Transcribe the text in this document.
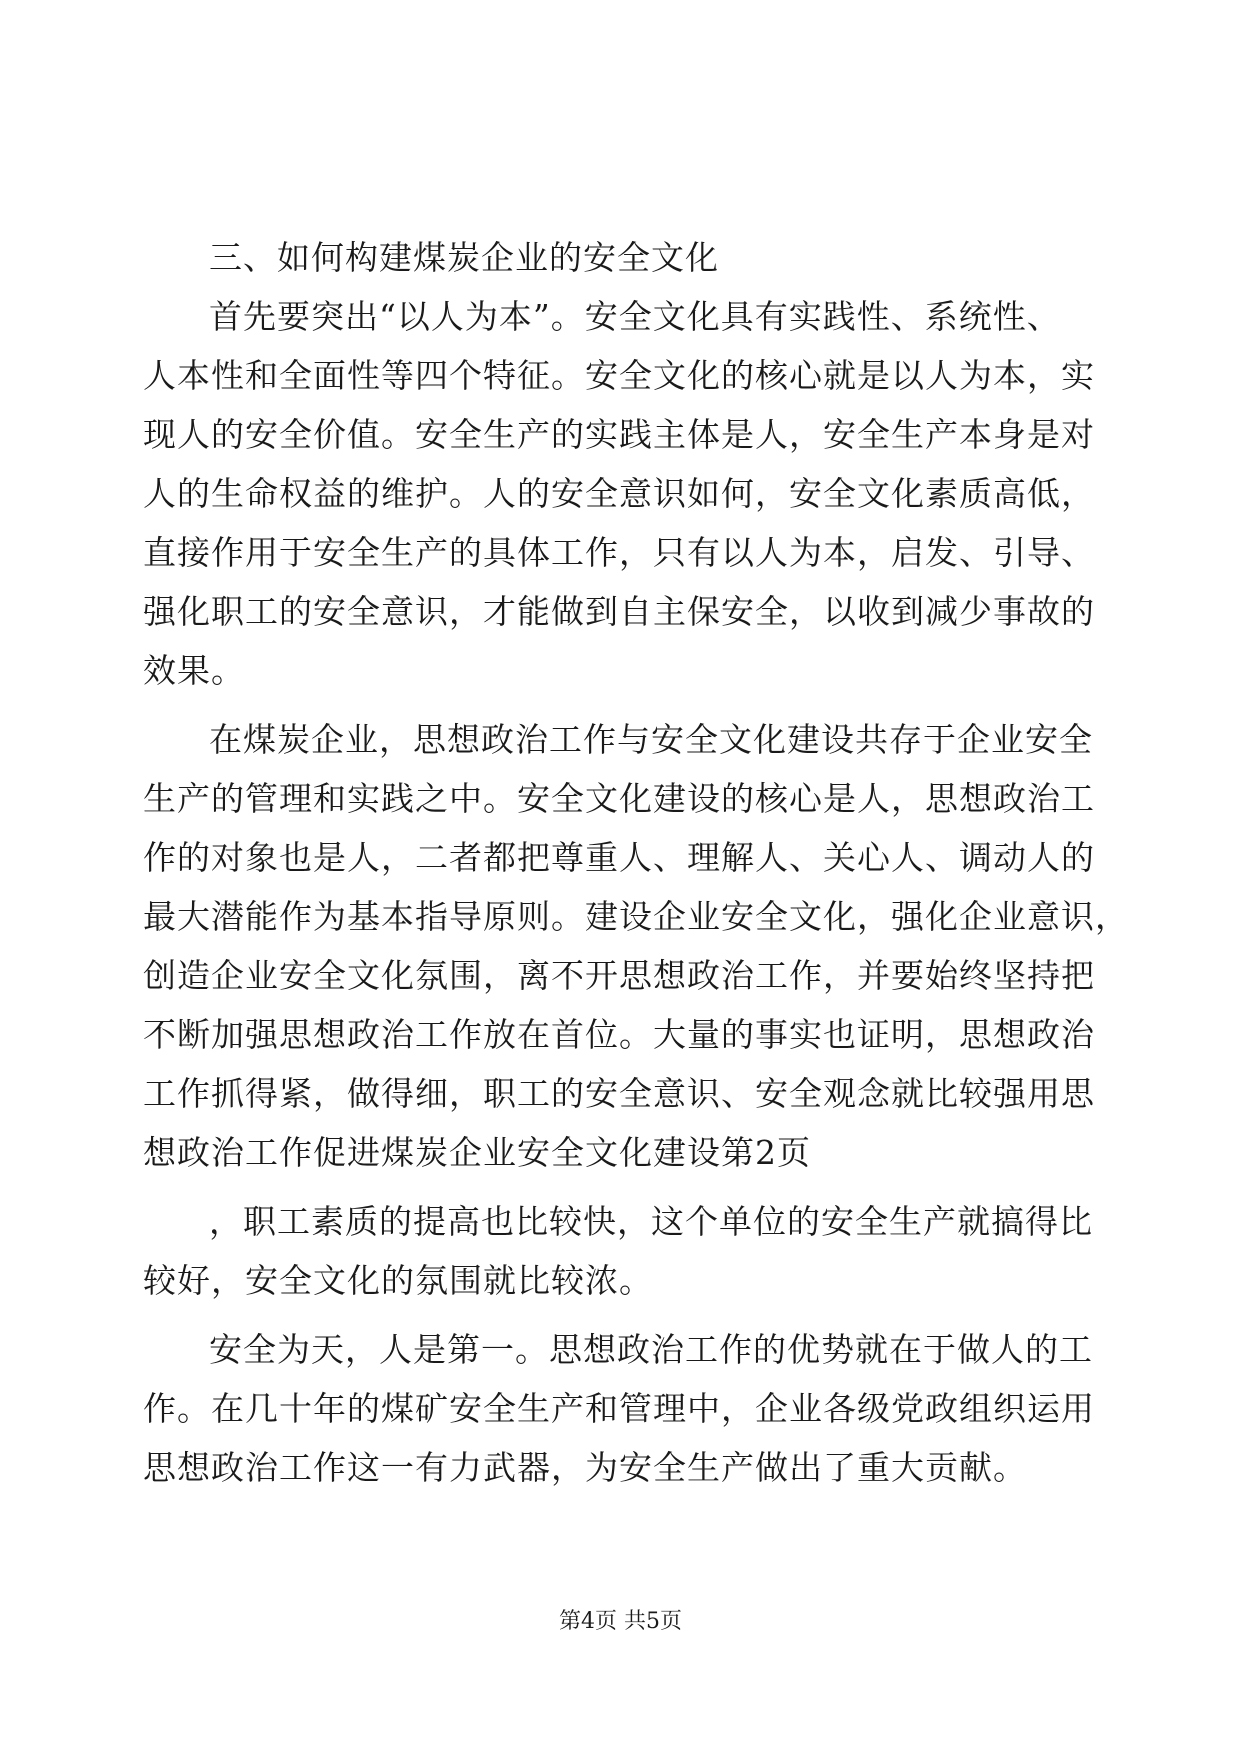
三、如何构建煤炭企业的安全文化
首先要突出“以人为本”。安全文化具有实践性、系统性、
人本性和全面性等四个特征。安全文化的核心就是以人为本，实
现人的安全价值。安全生产的实践主体是人，安全生产本身是对
人的生命权益的维护。人的安全意识如何，安全文化素质高低，
直接作用于安全生产的具体工作，只有以人为本，启发、引导、
强化职工的安全意识，才能做到自主保安全，以收到减少事故的
效果。
在煤炭企业，思想政治工作与安全文化建设共存于企业安全
生产的管理和实践之中。安全文化建设的核心是人，思想政治工
作的对象也是人，二者都把尊重人、理解人、关心人、调动人的
最大潜能作为基本指导原则。建设企业安全文化，强化企业意识，
创造企业安全文化氛围，离不开思想政治工作，并要始终坚持把
不断加强思想政治工作放在首位。大量的事实也证明，思想政治
工作抓得紧，做得细，职工的安全意识、安全观念就比较强用思
想政治工作促进煤炭企业安全文化建设第2页
，职工素质的提高也比较快，这个单位的安全生产就搞得比
较好，安全文化的氛围就比较浓。
安全为天，人是第一。思想政治工作的优势就在于做人的工
作。在几十年的煤矿安全生产和管理中，企业各级党政组织运用
思想政治工作这一有力武器，为安全生产做出了重大贡献。
第4页 共5页
